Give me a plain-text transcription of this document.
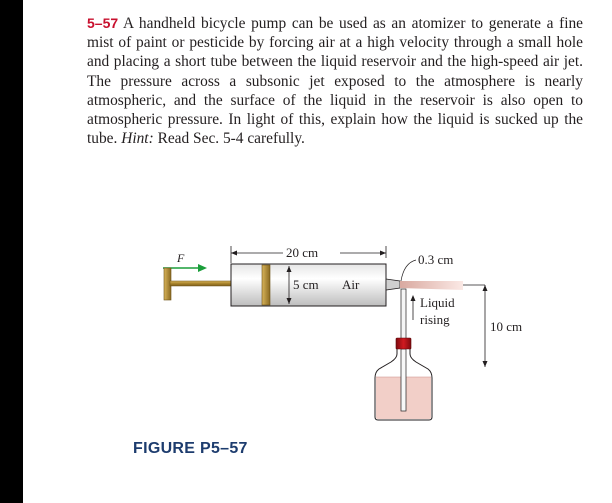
5–57 A handheld bicycle pump can be used as an atomizer to generate a fine mist of paint or pesticide by forcing air at a high velocity through a small hole and placing a short tube between the liquid reservoir and the high-speed air jet. The pressure across a subsonic jet exposed to the atmosphere is nearly atmospheric, and the surface of the liquid in the reservoir is also open to atmospheric pressure. In light of this, explain how the liquid is sucked up the tube. Hint: Read Sec. 5-4 carefully.
F	20 cm
5 cm Air
0.3 cm
Liquid
rising	10 cm
FIGURE P5–57
